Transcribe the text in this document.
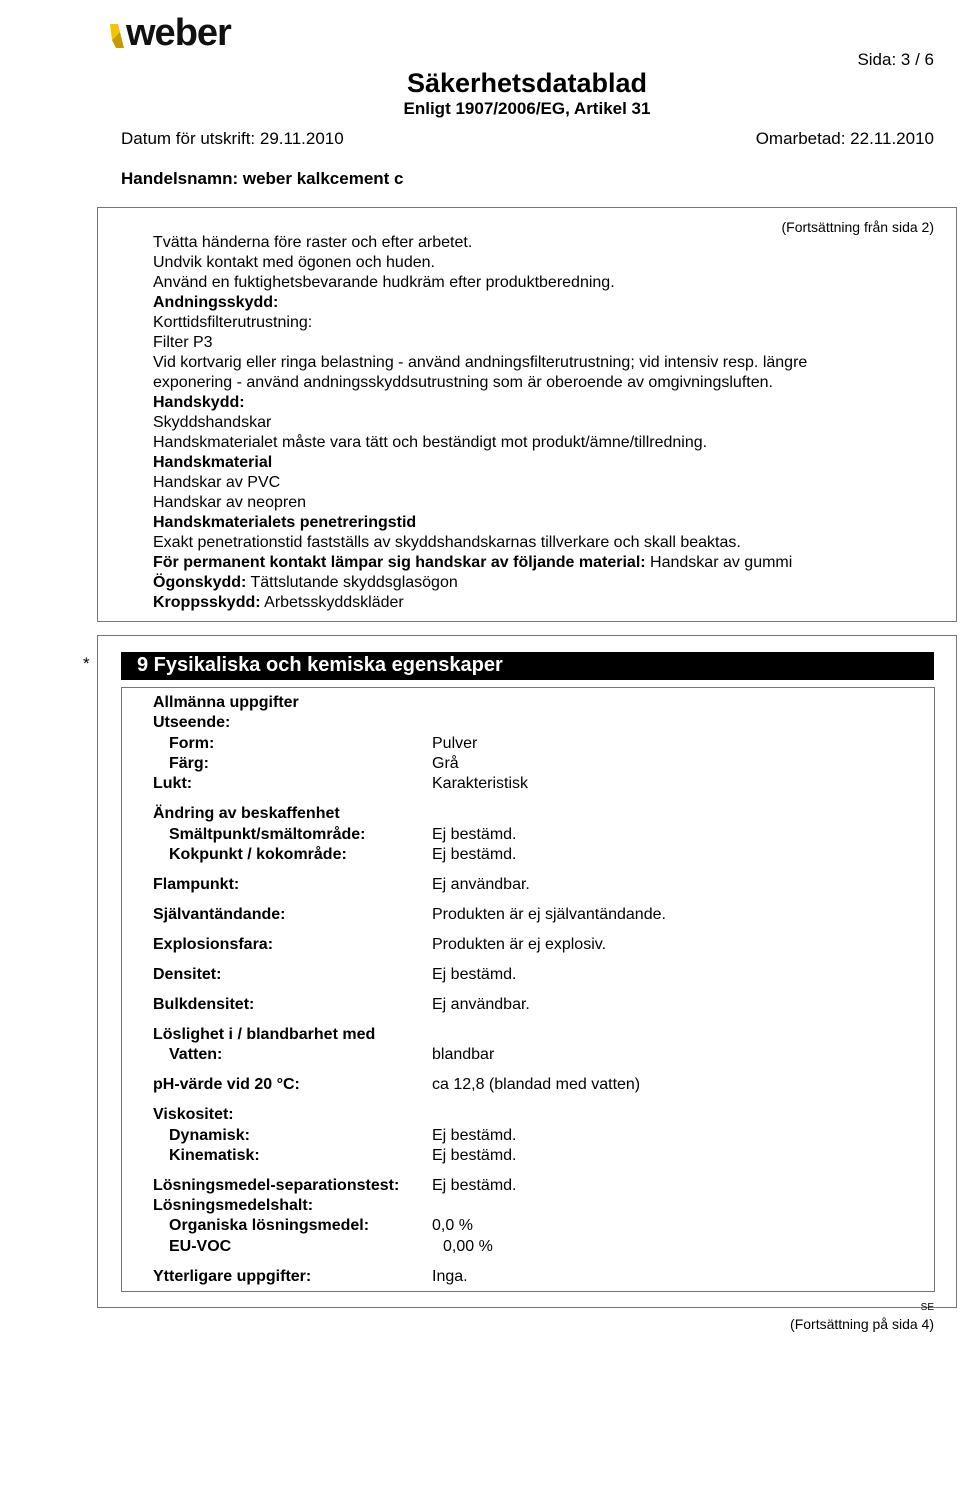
weber
Sida: 3 / 6
Säkerhetsdatablad
Enligt 1907/2006/EG, Artikel 31
Datum för utskrift: 29.11.2010	Omarbetad: 22.11.2010
Handelsnamn: weber kalkcement c
(Fortsättning från sida 2)
Tvätta händerna före raster och efter arbetet.
Undvik kontakt med ögonen och huden.
Använd en fuktighetsbevarande hudkräm efter produktberedning.
Andningsskydd:
Korttidsfilterutrustning:
Filter P3
Vid kortvarig eller ringa belastning - använd andningsfilterutrustning; vid intensiv resp. längre
exponering - använd andningsskyddsutrustning som är oberoende av omgivningsluften.
Handskydd:
Skyddshandskar
Handskmaterialet måste vara tätt och beständigt mot produkt/ämne/tillredning.
Handskmaterial
Handskar av PVC
Handskar av neopren
Handskmaterialets penetreringstid
Exakt penetrationstid fastställs av skyddshandskarnas tillverkare och skall beaktas.
För permanent kontakt lämpar sig handskar av följande material: Handskar av gummi
Ögonskydd: Tättslutande skyddsglasögon
Kroppsskydd: Arbetsskyddskläder
* 9 Fysikaliska och kemiska egenskaper
Allmänna uppgifter
Utseende:
Form:	Pulver
Färg:	Grå
Lukt:	Karakteristisk
Ändring av beskaffenhet
Smältpunkt/smältområde:	Ej bestämd.
Kokpunkt / kokområde:	Ej bestämd.
Flampunkt:	Ej användbar.
Självantändande:	Produkten är ej självantändande.
Explosionsfara:	Produkten är ej explosiv.
Densitet:	Ej bestämd.
Bulkdensitet:	Ej användbar.
Löslighet i / blandbarhet med
Vatten:	blandbar
pH-värde vid 20 °C:	ca 12,8 (blandad med vatten)
Viskositet:
Dynamisk:	Ej bestämd.
Kinematisk:	Ej bestämd.
Lösningsmedel-separationstest: Ej bestämd.
Lösningsmedelshalt:
Organiska lösningsmedel:	0,0 %
EU-VOC	0,00 %
Ytterligare uppgifter:	Inga.
SE
(Fortsättning på sida 4)
